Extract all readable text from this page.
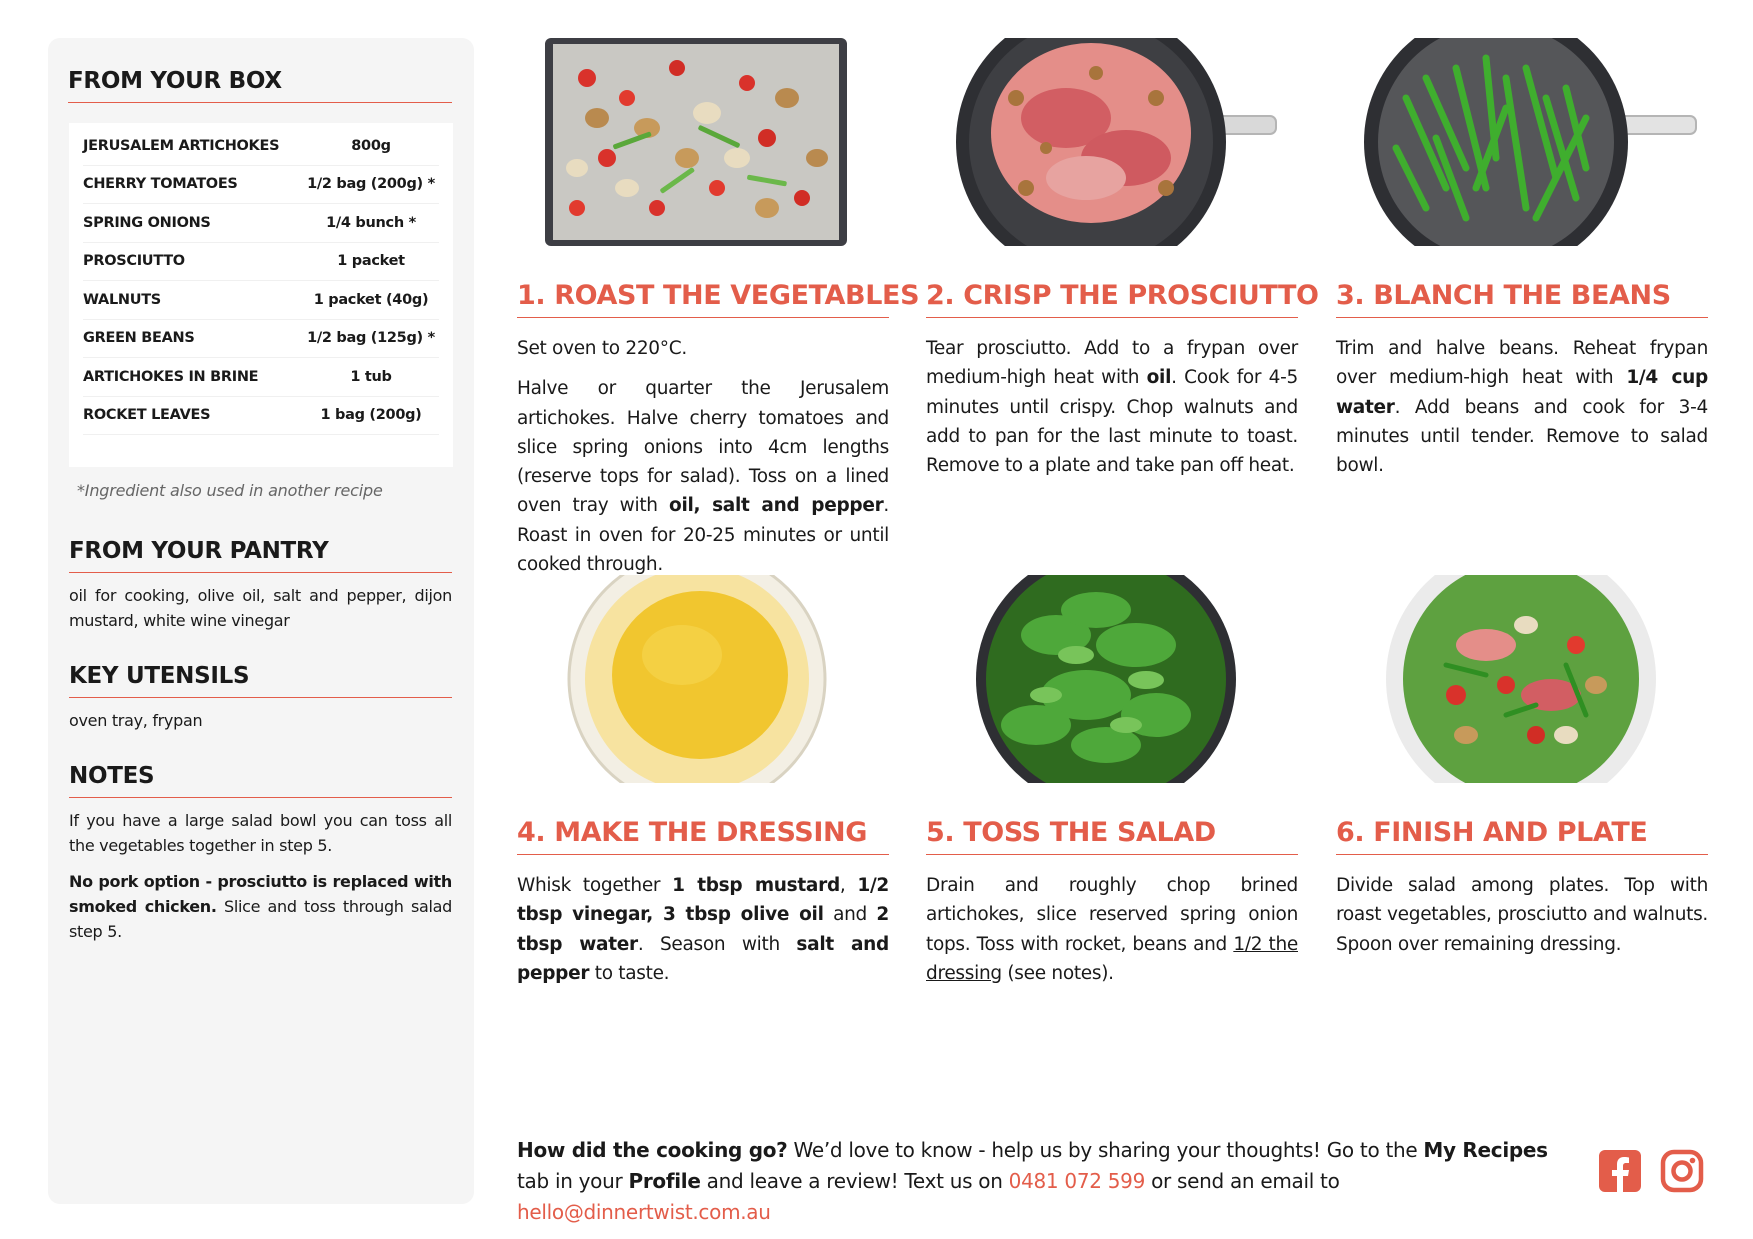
FROM YOUR BOX
JERUSALEM ARTICHOKES	800g
CHERRY TOMATOES	1/2 bag (200g) *
SPRING ONIONS	1/4 bunch *
PROSCIUTTO	1 packet
WALNUTS	1 packet (40g)
GREEN BEANS	1/2 bag (125g) *
ARTICHOKES IN BRINE	1 tub
ROCKET LEAVES	1 bag (200g)
*Ingredient also used in another recipe
FROM YOUR PANTRY
oil for cooking, olive oil, salt and pepper, dijon mustard, white wine vinegar
KEY UTENSILS
oven tray, frypan
NOTES

If you have a large salad bowl you can toss all the vegetables together in step 5.

No pork option - prosciutto is replaced with smoked chicken. Slice and toss through salad step 5.

1. ROAST THE VEGETABLES

Set oven to 220°C.

Halve or quarter the Jerusalem artichokes. Halve cherry tomatoes and slice spring onions into 4cm lengths (reserve tops for salad). Toss on a lined oven tray with oil, salt and pepper. Roast in oven for 20-25 minutes or until cooked through.

2. CRISP THE PROSCIUTTO

Tear prosciutto. Add to a frypan over medium-high heat with oil. Cook for 4-5 minutes until crispy. Chop walnuts and add to pan for the last minute to toast. Remove to a plate and take pan off heat.

3. BLANCH THE BEANS

Trim and halve beans. Reheat frypan over medium-high heat with 1/4 cup water. Add beans and cook for 3-4 minutes until tender. Remove to salad bowl.

4. MAKE THE DRESSING

Whisk together 1 tbsp mustard, 1/2 tbsp vinegar, 3 tbsp olive oil and 2 tbsp water. Season with salt and pepper to taste.

5. TOSS THE SALAD

Drain and roughly chop brined artichokes, slice reserved spring onion tops. Toss with rocket, beans and 1/2 the dressing (see notes).

6. FINISH AND PLATE

Divide salad among plates. Top with roast vegetables, prosciutto and walnuts. Spoon over remaining dressing.

How did the cooking go? We’d love to know - help us by sharing your thoughts! Go to the My Recipes tab in your Profile and leave a review! Text us on 0481 072 599 or send an email to hello@dinnertwist.com.au
